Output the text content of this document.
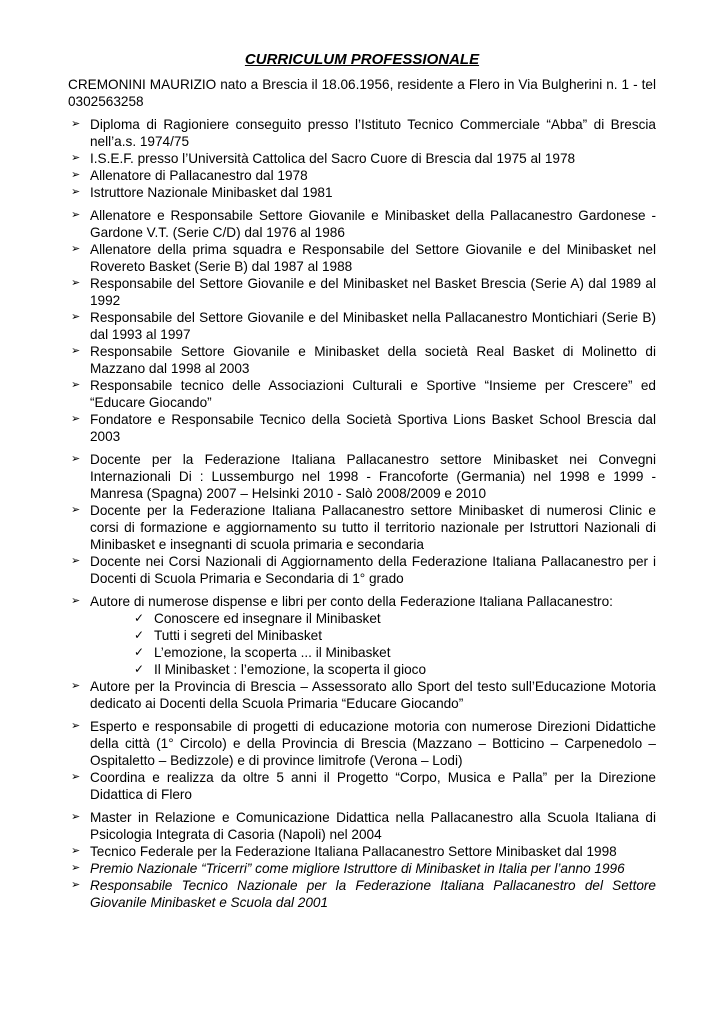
CURRICULUM PROFESSIONALE
CREMONINI MAURIZIO nato a Brescia il 18.06.1956, residente a Flero in Via Bulgherini n. 1 - tel 0302563258
➢ Diploma di Ragioniere conseguito presso l’Istituto Tecnico Commerciale “Abba” di Brescia nell’a.s. 1974/75
➢ I.S.E.F. presso l’Università Cattolica del Sacro Cuore di Brescia dal 1975 al 1978
➢ Allenatore di Pallacanestro dal 1978
➢ Istruttore Nazionale Minibasket dal 1981
➢ Allenatore e Responsabile Settore Giovanile e Minibasket della Pallacanestro Gardonese - Gardone V.T. (Serie C/D) dal 1976 al 1986
➢ Allenatore della prima squadra e Responsabile del Settore Giovanile e del Minibasket nel Rovereto Basket (Serie B) dal 1987 al 1988
➢ Responsabile del Settore Giovanile e del Minibasket nel Basket Brescia (Serie A) dal 1989 al 1992
➢ Responsabile del Settore Giovanile e del Minibasket nella Pallacanestro Montichiari (Serie B) dal 1993 al 1997
➢ Responsabile Settore Giovanile e Minibasket della società Real Basket di Molinetto di Mazzano dal 1998 al 2003
➢ Responsabile tecnico delle Associazioni Culturali e Sportive “Insieme per Crescere” ed “Educare Giocando”
➢ Fondatore e Responsabile Tecnico della Società Sportiva Lions Basket School Brescia dal 2003
➢ Docente per la Federazione Italiana Pallacanestro settore Minibasket nei Convegni Internazionali Di : Lussemburgo nel 1998 - Francoforte (Germania) nel 1998 e 1999 - Manresa (Spagna) 2007 – Helsinki 2010 - Salò 2008/2009 e 2010
➢ Docente per la Federazione Italiana Pallacanestro settore Minibasket di numerosi Clinic e corsi di formazione e aggiornamento su tutto il territorio nazionale per Istruttori Nazionali di Minibasket e insegnanti di scuola primaria e secondaria
➢ Docente nei Corsi Nazionali di Aggiornamento della Federazione Italiana Pallacanestro per i Docenti di Scuola Primaria e Secondaria di 1° grado
➢ Autore di numerose dispense e libri per conto della Federazione Italiana Pallacanestro:
✓ Conoscere ed insegnare il Minibasket
✓ Tutti i segreti del Minibasket
✓ L’emozione, la scoperta ... il Minibasket
✓ Il Minibasket : l’emozione, la scoperta il gioco
➢ Autore per la Provincia di Brescia – Assessorato allo Sport del testo sull’Educazione Motoria dedicato ai Docenti della Scuola Primaria “Educare Giocando”
➢ Esperto e responsabile di progetti di educazione motoria con numerose Direzioni Didattiche della città (1° Circolo) e della Provincia di Brescia (Mazzano – Botticino – Carpenedolo – Ospitaletto – Bedizzole) e di province limitrofe (Verona – Lodi)
➢ Coordina e realizza da oltre 5 anni il Progetto “Corpo, Musica e Palla” per la Direzione Didattica di Flero
➢ Master in Relazione e Comunicazione Didattica nella Pallacanestro alla Scuola Italiana di Psicologia Integrata di Casoria (Napoli) nel 2004
➢ Tecnico Federale per la Federazione Italiana Pallacanestro Settore Minibasket dal 1998
➢ Premio Nazionale “Tricerri” come migliore Istruttore di Minibasket in Italia per l’anno 1996
➢ Responsabile Tecnico Nazionale per la Federazione Italiana Pallacanestro del Settore Giovanile Minibasket e Scuola dal 2001
